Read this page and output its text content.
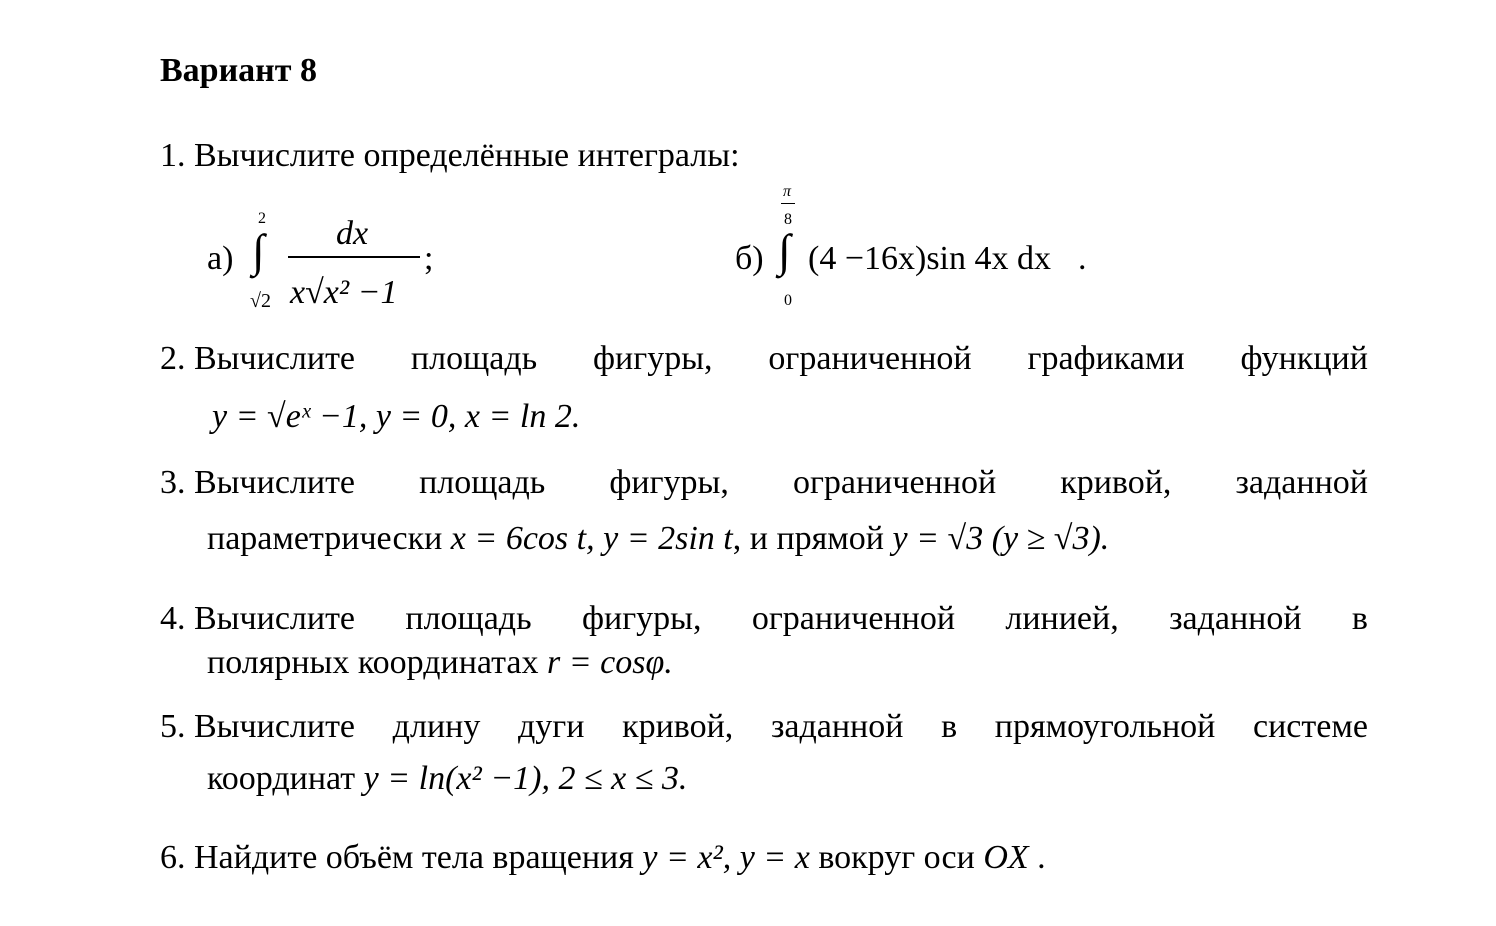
Вариант 8
1. Вычислите определённые интегралы:
а) ∫
2
√2
dx
x√x² −1
;	б) ∫
π
8
0
(4 −16x)sin 4x dx .
2. Вычислите площадь фигуры, ограниченной графиками функций
y = √eˣ −1, y = 0, x = ln 2.
3. Вычислите площадь фигуры, ограниченной кривой, заданной
параметрически x = 6cos t, y = 2sin t, и прямой y = √3 (y ≥ √3).
4. Вычислите площадь фигуры, ограниченной линией, заданной в
полярных координатах r = cosφ.
5. Вычислите длину дуги кривой, заданной в прямоугольной системе
координат y = ln(x² −1), 2 ≤ x ≤ 3.
6. Найдите объём тела вращения y = x², y = x вокруг оси OX .
